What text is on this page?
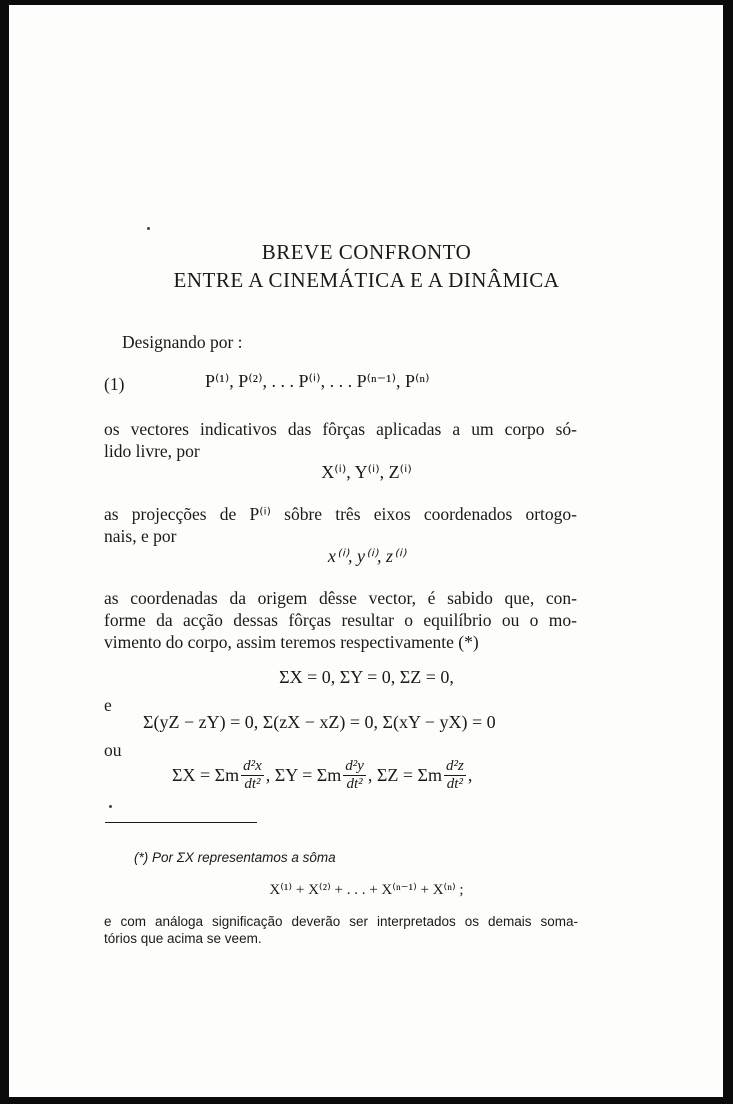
BREVE CONFRONTO
ENTRE A CINEMÁTICA E A DINÂMICA
Designando por :
(1)	P⁽¹⁾, P⁽²⁾, . . . P⁽ⁱ⁾, . . . P⁽ⁿ⁻¹⁾, P⁽ⁿ⁾
os vectores indicativos das fôrças aplicadas a um corpo só-
lido livre, por
X⁽ⁱ⁾, Y⁽ⁱ⁾, Z⁽ⁱ⁾
as projecções de P⁽ⁱ⁾ sôbre três eixos coordenados ortogo-
nais, e por
x⁽ⁱ⁾, y⁽ⁱ⁾, z⁽ⁱ⁾
as coordenadas da origem dêsse vector, é sabido que, con-
forme da acção dessas fôrças resultar o equilíbrio ou o mo-
vimento do corpo, assim teremos respectivamente (*)
ΣX = 0, ΣY = 0, ΣZ = 0,
e
Σ(yZ − zY) = 0, Σ(zX − xZ) = 0, Σ(xY − yX) = 0
ou
ΣX = Σm $\frac{\text{d²x}}{\text{dt²}}$ , ΣY = Σm $\frac{\text{d²y}}{\text{dt²}}$ , ΣZ = Σm $\frac{\text{d²z}}{\text{dt²}}$ ,
(*) Por ΣX representamos a sôma
X⁽¹⁾ + X⁽²⁾ + . . . + X⁽ⁿ⁻¹⁾ + X⁽ⁿ⁾ ;
e com análoga significação deverão ser interpretados os demais soma-
tórios que acima se veem.
